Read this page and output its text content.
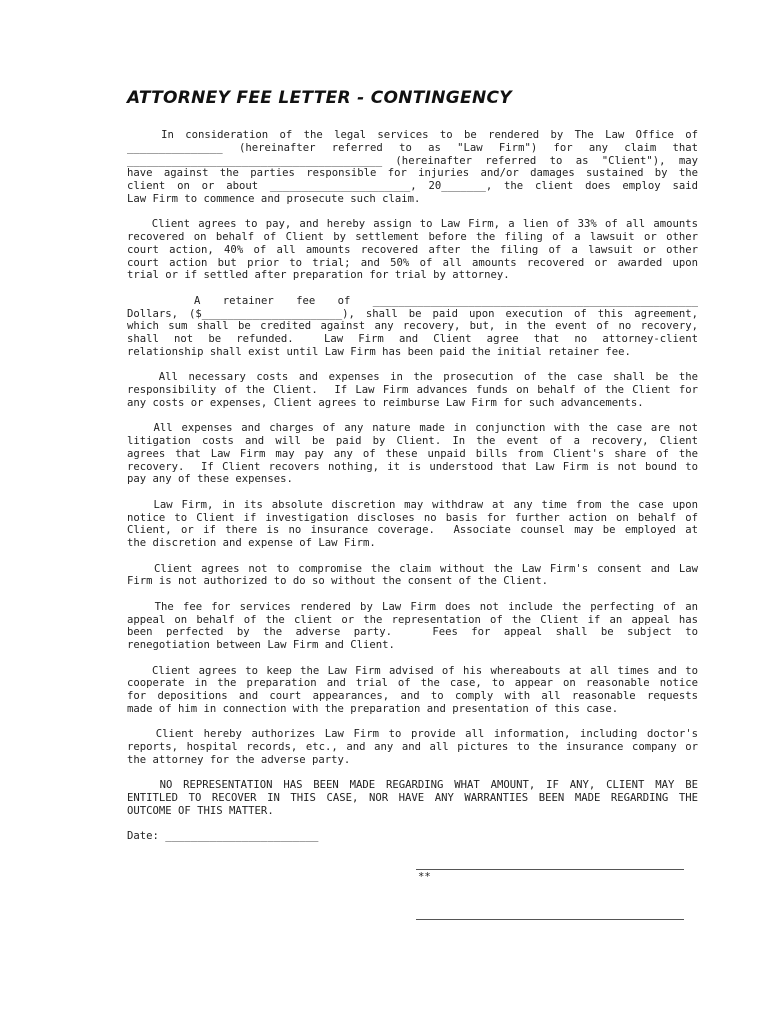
ATTORNEY FEE LETTER - CONTINGENCY
In consideration of the legal services to be rendered by The Law Office of
_______________ (hereinafter referred to as "Law Firm") for any claim that
________________________________________ (hereinafter referred to as "Client"), may
have against the parties responsible for injuries and/or damages sustained by the
client on or about ______________________, 20_______, the client does employ said
Law Firm to commence and prosecute such claim.
Client agrees to pay, and hereby assign to Law Firm, a lien of 33% of all amounts
recovered on behalf of Client by settlement before the filing of a lawsuit or other
court action, 40% of all amounts recovered after the filing of a lawsuit or other
court action but prior to trial; and 50% of all amounts recovered or awarded upon
trial or if settled after preparation for trial by attorney.
A retainer fee of ___________________________________________________
Dollars, ($______________________), shall be paid upon execution of this agreement,
which sum shall be credited against any recovery, but, in the event of no recovery,
shall not be refunded.  Law Firm and Client agree that no attorney-client
relationship shall exist until Law Firm has been paid the initial retainer fee.
All necessary costs and expenses in the prosecution of the case shall be the
responsibility of the Client.  If Law Firm advances funds on behalf of the Client for
any costs or expenses, Client agrees to reimburse Law Firm for such advancements.
All expenses and charges of any nature made in conjunction with the case are not
litigation costs and will be paid by Client. In the event of a recovery, Client
agrees that Law Firm may pay any of these unpaid bills from Client's share of the
recovery.  If Client recovers nothing, it is understood that Law Firm is not bound to
pay any of these expenses.
Law Firm, in its absolute discretion may withdraw at any time from the case upon
notice to Client if investigation discloses no basis for further action on behalf of
Client, or if there is no insurance coverage.  Associate counsel may be employed at
the discretion and expense of Law Firm.
Client agrees not to compromise the claim without the Law Firm's consent and Law
Firm is not authorized to do so without the consent of the Client.
The fee for services rendered by Law Firm does not include the perfecting of an
appeal on behalf of the client or the representation of the Client if an appeal has
been perfected by the adverse party.   Fees for appeal shall be subject to
renegotiation between Law Firm and Client.
Client agrees to keep the Law Firm advised of his whereabouts at all times and to
cooperate in the preparation and trial of the case, to appear on reasonable notice
for depositions and court appearances, and to comply with all reasonable requests
made of him in connection with the preparation and presentation of this case.
Client hereby authorizes Law Firm to provide all information, including doctor's
reports, hospital records, etc., and any and all pictures to the insurance company or
the attorney for the adverse party.
NO REPRESENTATION HAS BEEN MADE REGARDING WHAT AMOUNT, IF ANY, CLIENT MAY BE
ENTITLED TO RECOVER IN THIS CASE, NOR HAVE ANY WARRANTIES BEEN MADE REGARDING THE
OUTCOME OF THIS MATTER.
Date: ________________________
**
